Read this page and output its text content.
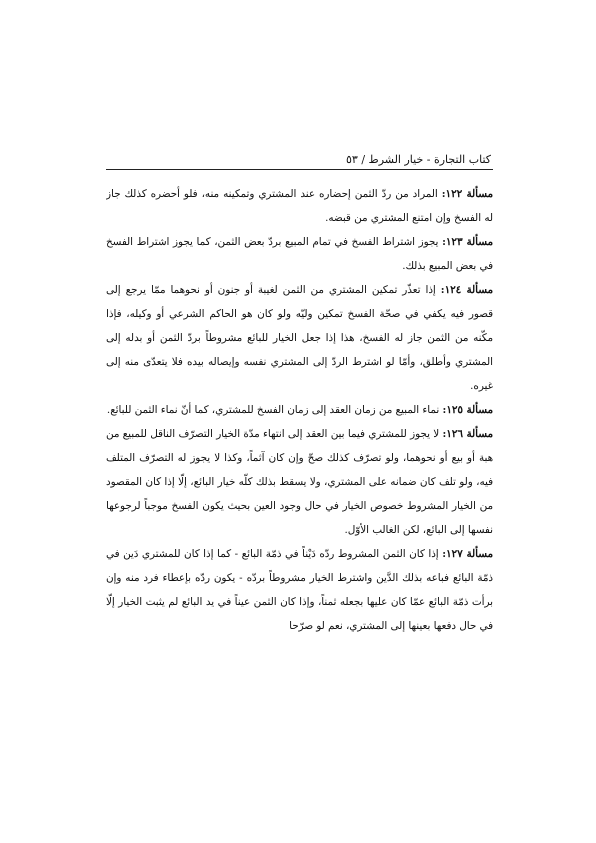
كتاب التجارة - خيار الشرط / ٥٣

مسألة ١٢٢: المراد من ردّ الثمن إحضاره عند المشتري وتمكينه منه، فلو أحضره كذلك جاز له الفسخ وإن امتنع المشتري من قبضه.

مسألة ١٢٣: يجوز اشتراط الفسخ في تمام المبيع بردّ بعض الثمن، كما يجوز اشتراط الفسخ في بعض المبيع بذلك.

مسألة ١٢٤: إذا تعذّر تمكين المشتري من الثمن لغيبة أو جنون أو نحوهما ممّا يرجع إلى قصور فيه يكفي في صحّة الفسخ تمكين وليّه ولو كان هو الحاكم الشرعي أو وكيله، فإذا مكّنه من الثمن جاز له الفسخ، هذا إذا جعل الخيار للبائع مشروطاً بردّ الثمن أو بدله إلى المشتري وأطلق، وأمّا لو اشترط الردّ إلى المشتري نفسه وإيصاله بيده فلا يتعدّى منه إلى غيره.

مسألة ١٢٥: نماء المبيع من زمان العقد إلى زمان الفسخ للمشتري، كما أنّ نماء الثمن للبائع.

مسألة ١٢٦: لا يجوز للمشتري فيما بين العقد إلى انتهاء مدّة الخيار التصرّف الناقل للمبيع من هبة أو بيع أو نحوهما، ولو تصرّف كذلك صحّ وإن كان آثماً، وكذا لا يجوز له التصرّف المتلف فيه، ولو تلف كان ضمانه على المشتري، ولا يسقط بذلك كلّه خيار البائع، إلّا إذا كان المقصود من الخيار المشروط خصوص الخيار في حال وجود العين بحيث يكون الفسخ موجباً لرجوعها نفسها إلى البائع، لكن الغالب الأوّل.

مسألة ١٢٧: إذا كان الثمن المشروط ردّه دَيْناً في ذمّة البائع - كما إذا كان للمشتري دَين في ذمّة البائع فباعه بذلك الدَّين واشترط الخيار مشروطاً بردّه - يكون ردّه بإعطاء فرد منه وإن برأت ذمّة البائع عمّا كان عليها بجعله ثمناً، وإذا كان الثمن عيناً في يد البائع لم يثبت الخيار إلّا في حال دفعها بعينها إلى المشتري، نعم لو صرّحا
